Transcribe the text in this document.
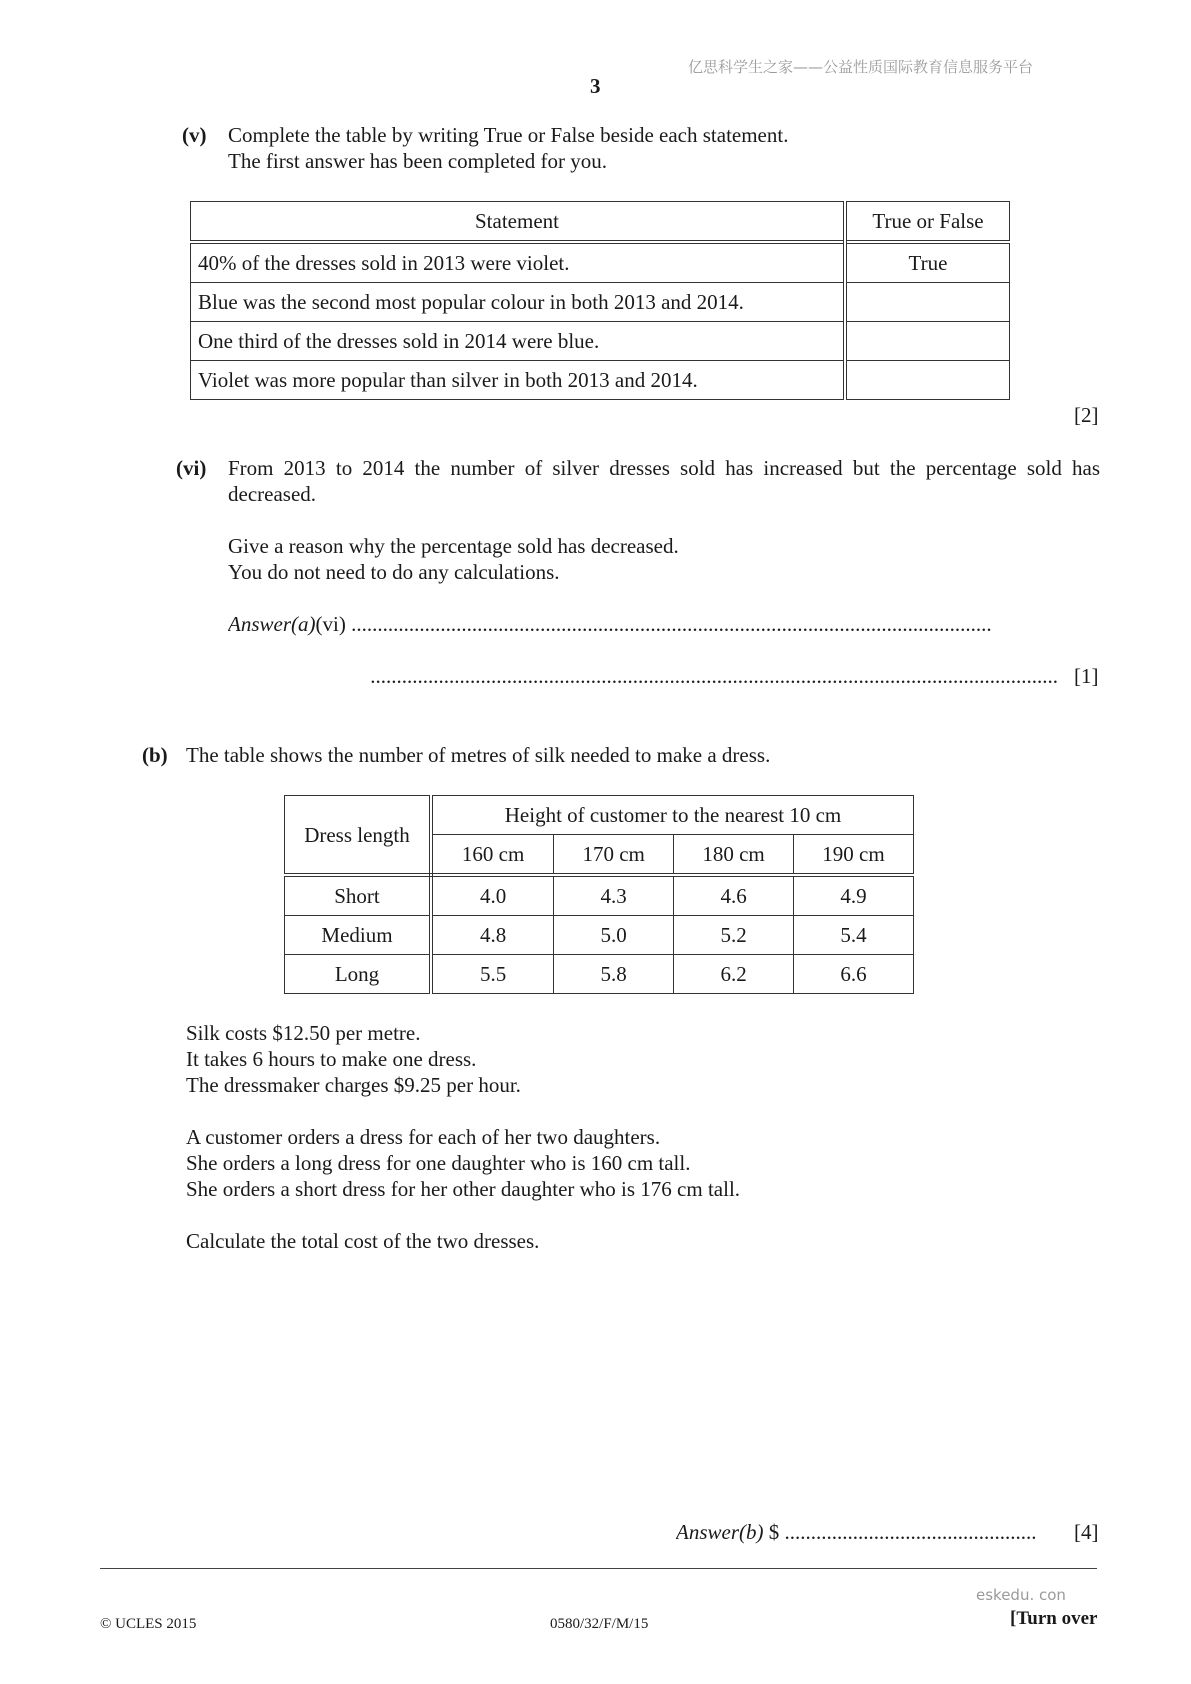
亿思科学生之家——公益性质国际教育信息服务平台
3
(v) Complete the table by writing True or False beside each statement.
The first answer has been completed for you.
Statement	True or False
40% of the dresses sold in 2013 were violet.	True
Blue was the second most popular colour in both 2013 and 2014.	
One third of the dresses sold in 2014 were blue.	
Violet was more popular than silver in both 2013 and 2014.	
[2]
(vi) From 2013 to 2014 the number of silver dresses sold has increased but the percentage sold has
decreased.
Give a reason why the percentage sold has decreased.
You do not need to do any calculations.
Answer(a)(vi) ..........................................................................................................................
................................................................................................................................... [1]
(b) The table shows the number of metres of silk needed to make a dress.
Dress length	Height of customer to the nearest 10 cm			
	160 cm	170 cm	180 cm	190 cm
Short	4.0	4.3	4.6	4.9
Medium	4.8	5.0	5.2	5.4
Long	5.5	5.8	6.2	6.6
Silk costs $12.50 per metre.
It takes 6 hours to make one dress.
The dressmaker charges $9.25 per hour.
A customer orders a dress for each of her two daughters.
She orders a long dress for one daughter who is 160 cm tall.
She orders a short dress for her other daughter who is 176 cm tall.
Calculate the total cost of the two dresses.
Answer(b) $ ................................................	[4]
eskedu. con
© UCLES 2015	0580/32/F/M/15	[Turn over
